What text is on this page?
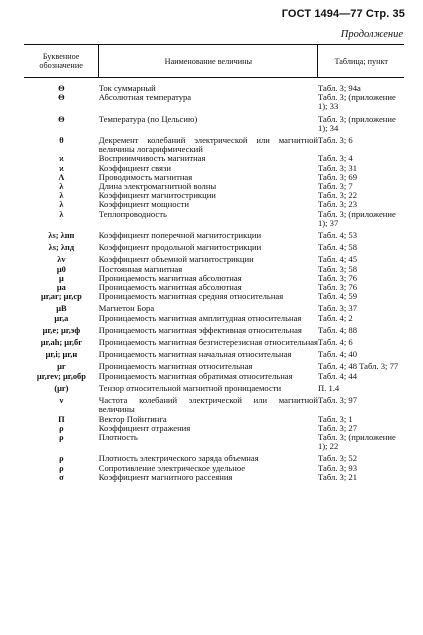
ГОСТ 1494—77 Стр. 35
Продолжение
Буквенное обозначение	Наименование величины	Таблица; пункт
Θ	Ток суммарный	Табл. 3; 94а
Θ	Абсолютная температура	Табл. 3; (приложение 1); 33
Θ	Температура (по Цельсию)	Табл. 3; (приложение 1); 34
θ	Декремент колебаний электрической или магнитной величины логарифмический	Табл. 3; 6
ϰ	Восприимчивость магнитная	Табл. 3; 4
ϰ	Коэффициент связи	Табл. 3; 31
Λ	Проводимость магнитная	Табл. 3; 69
λ	Длина электромагнитной волны	Табл. 3; 7
λ	Коэффициент магнитострикции	Табл. 3; 22
λ	Коэффициент мощности	Табл. 3; 23
λ	Теплопроводность	Табл. 3; (приложение 1); 37
λs; λпп	Коэффициент поперечной магнитострикции	Табл. 4; 53
λs; λпд	Коэффициент продольной магнитострикции	Табл. 4; 58
λv	Коэффициент объемной магнитострикции	Табл. 4; 45
μ0	Постоянная магнитная	Табл. 3; 58
μ	Проницаемость магнитная абсолютная	Табл. 3; 76
μа	Проницаемость магнитная абсолютная	Табл. 3; 76
μr,ar; μr,ср	Проницаемость магнитная средняя относительная	Табл. 4; 59
μB	Магнетон Бора	Табл. 3; 37
μr,a	Проницаемость магнитная амплитудная относительная	Табл. 4; 2
μr,e; μr,эф	Проницаемость магнитная эффективная относительная	Табл. 4; 88
μr,ah; μr,бг	Проницаемость магнитная безгистерезисная относительная	Табл. 4; 6
μr,i; μr,н	Проницаемость магнитная начальная относительная	Табл. 4; 40
μr	Проницаемость магнитная относительная	Табл. 4; 48 Табл. 3; 77
μr,rev; μr,обр	Проницаемость магнитная обратимая относительная	Табл. 4; 44
(μr)	Тензор относительной магнитной проницаемости	П. 1.4
ν	Частота колебаний электрической или магнитной величины	Табл. 3; 97
Π	Вектор Пойнтинга	Табл. 3; 1
ρ	Коэффициент отражения	Табл. 3; 27
ρ	Плотность	Табл. 3; (приложение 1); 22
ρ	Плотность электрического заряда объемная	Табл. 3; 52
ρ	Сопротивление электрическое удельное	Табл. 3; 93
σ	Коэффициент магнитного рассеяния	Табл. 3; 21
